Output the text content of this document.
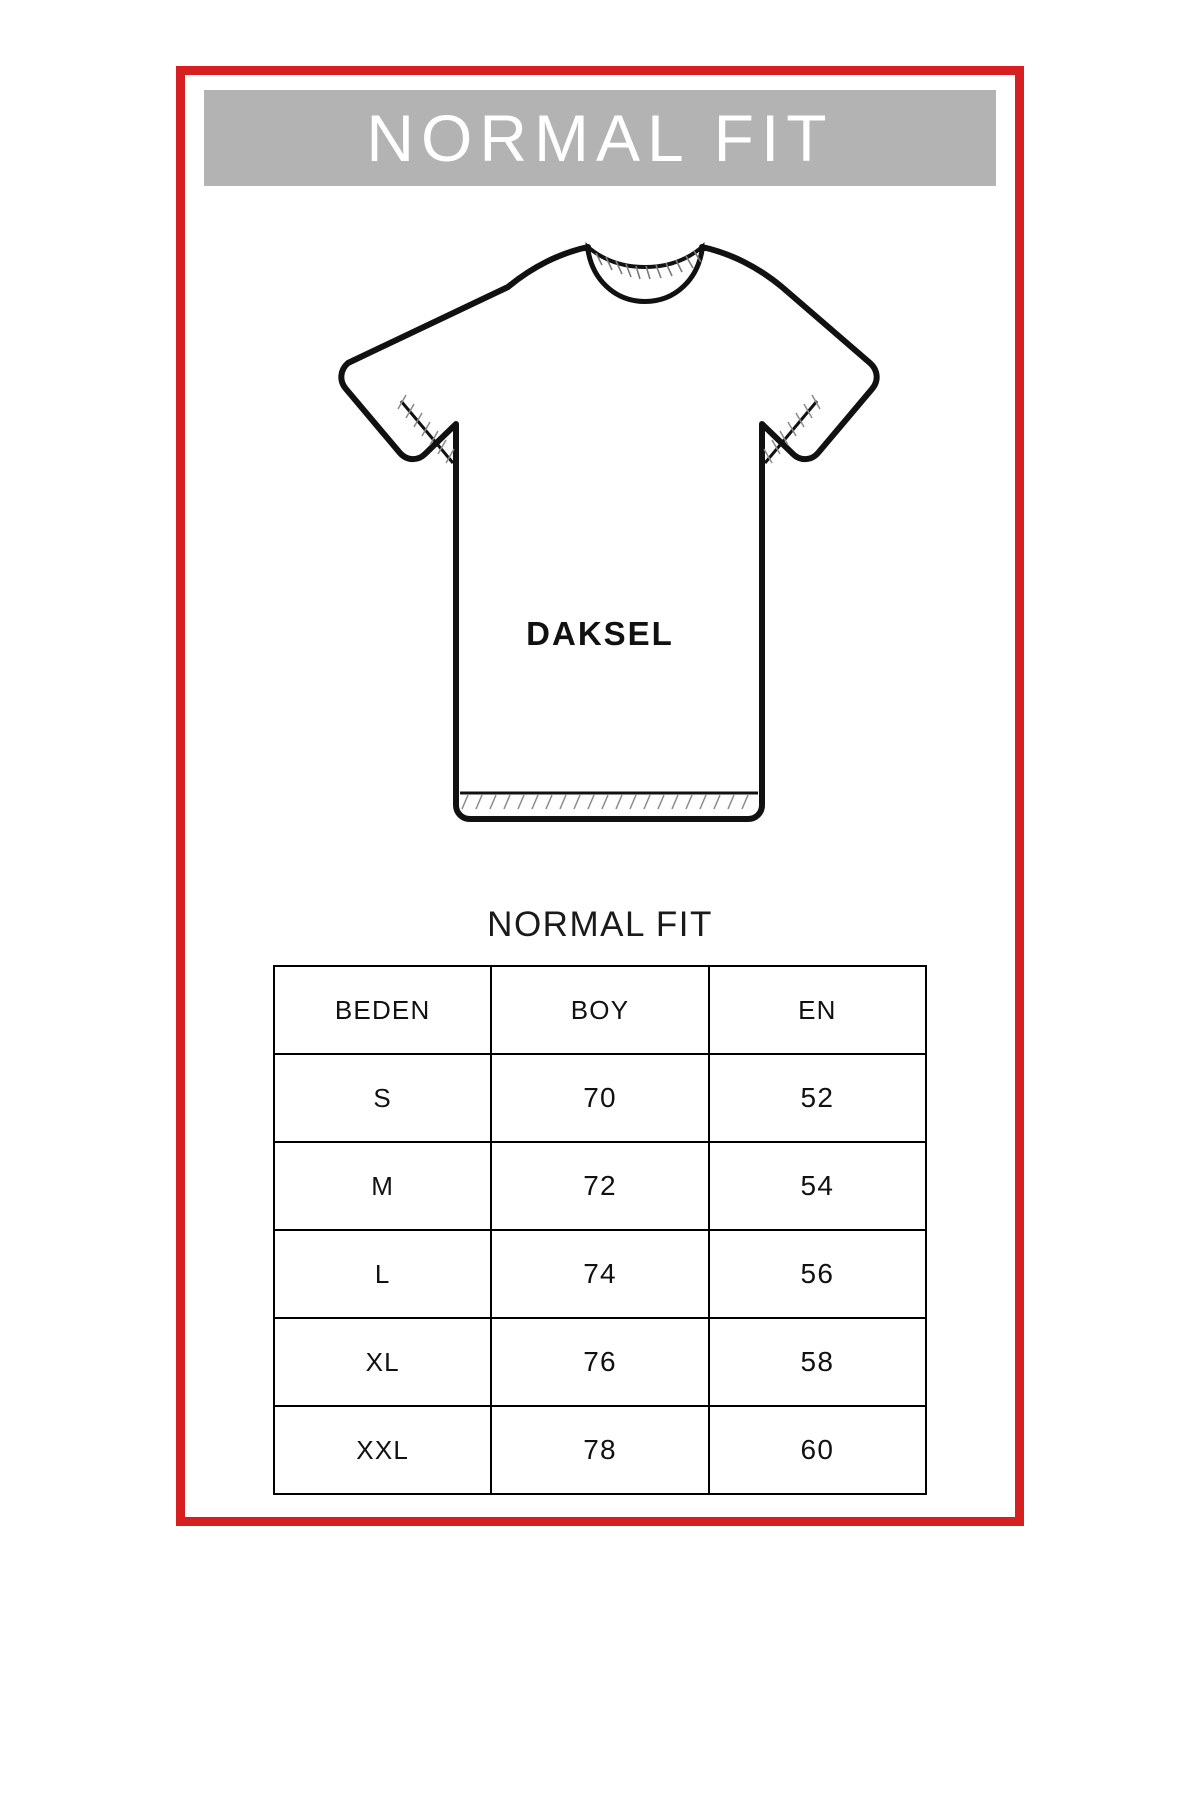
NORMAL FIT
DAKSEL
NORMAL FIT
BEDEN	BOY	EN
S	70	52
M	72	54
L	74	56
XL	76	58
XXL	78	60
